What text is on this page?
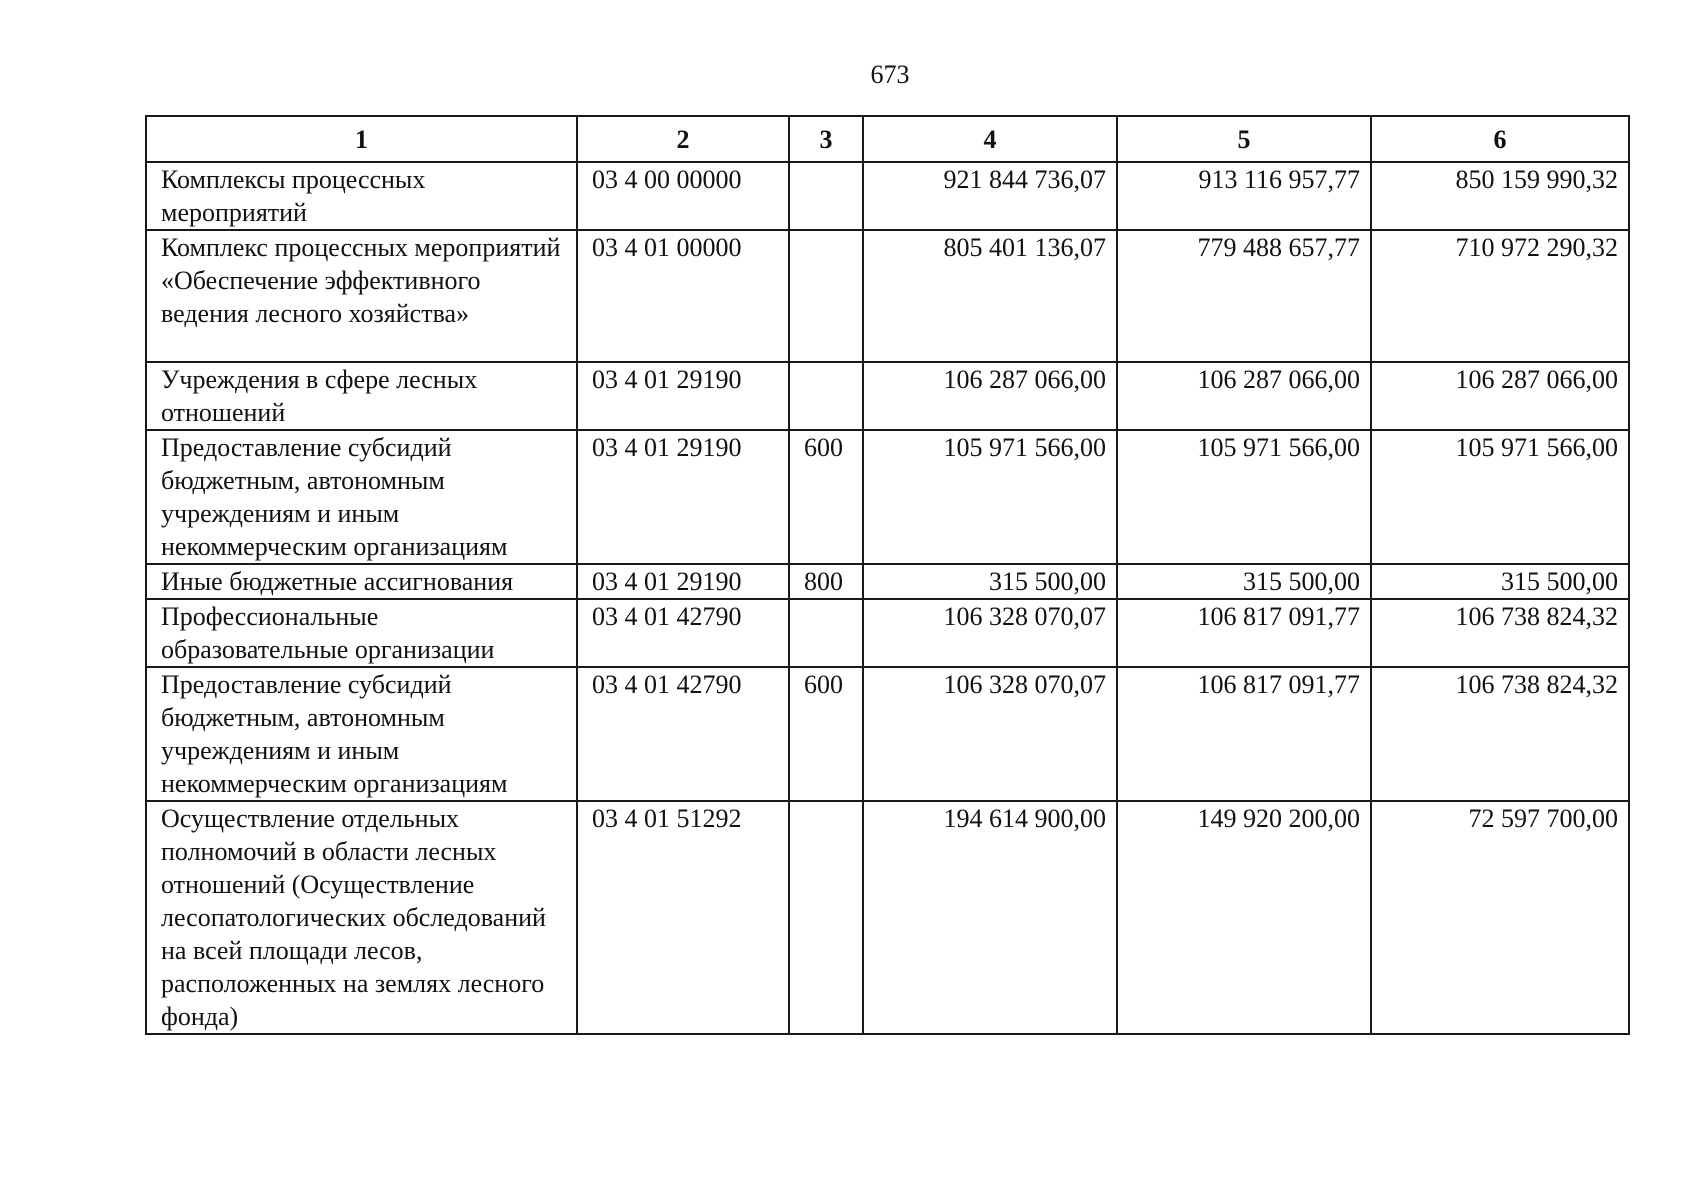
673
1	2	3	4	5	6
Комплексы процессных мероприятий	03 4 00 00000		921 844 736,07	913 116 957,77	850 159 990,32
Комплекс процессных мероприятий «Обеспечение эффективного ведения лесного хозяйства»	03 4 01 00000		805 401 136,07	779 488 657,77	710 972 290,32
Учреждения в сфере лесных отношений	03 4 01 29190		106 287 066,00	106 287 066,00	106 287 066,00
Предоставление субсидий бюджетным, автономным учреждениям и иным некоммерческим организациям	03 4 01 29190	600	105 971 566,00	105 971 566,00	105 971 566,00
Иные бюджетные ассигнования	03 4 01 29190	800	315 500,00	315 500,00	315 500,00
Профессиональные образовательные организации	03 4 01 42790		106 328 070,07	106 817 091,77	106 738 824,32
Предоставление субсидий бюджетным, автономным учреждениям и иным некоммерческим организациям	03 4 01 42790	600	106 328 070,07	106 817 091,77	106 738 824,32
Осуществление отдельных полномочий в области лесных отношений (Осуществление лесопатологических обследований на всей площади лесов, расположенных на землях лесного фонда)	03 4 01 51292		194 614 900,00	149 920 200,00	72 597 700,00
